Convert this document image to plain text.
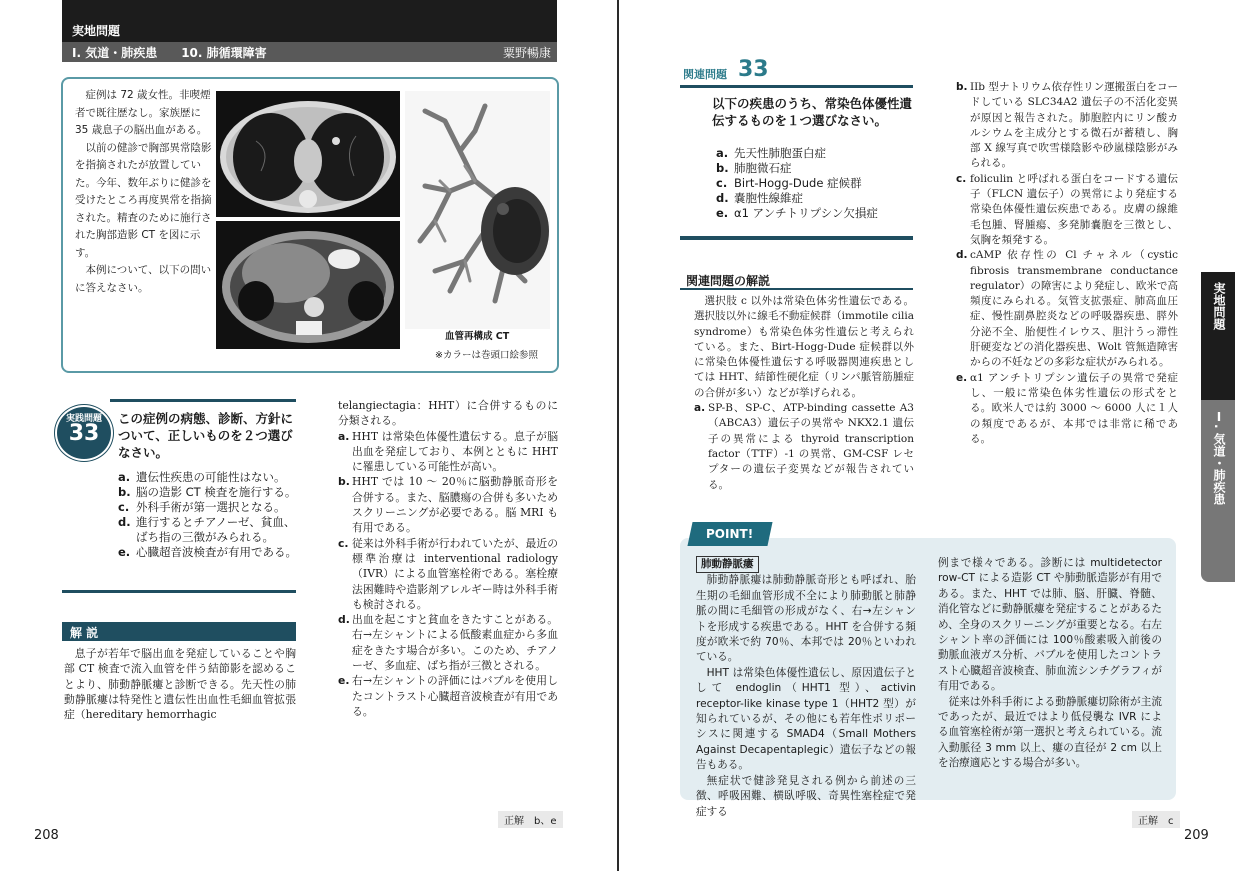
実地問題
Ⅰ. 気道・肺疾患　　10. 肺循環障害	粟野暢康

症例は 72 歳女性。非喫煙者で既往歴なし。家族歴に 35 歳息子の脳出血がある。

以前の健診で胸部異常陰影を指摘されたが放置していた。今年、数年ぶりに健診を受けたところ再度異常を指摘された。精査のために施行された胸部造影 CT を図に示す。

本例について、以下の問いに答えなさい。

血管再構成 CT
※カラーは巻頭口絵参照
実践問題
33
この症例の病態、診断、方針について、正しいものを２つ選びなさい。
a. 遺伝性疾患の可能性はない。
b. 脳の造影 CT 検査を施行する。
c. 外科手術が第一選択となる。
d. 進行するとチアノーゼ、貧血、ばち指の三徴がみられる。
e. 心臓超音波検査が有用である。
解 説

息子が若年で脳出血を発症していることや胸部 CT 検査で流入血管を伴う結節影を認めることより、肺動静脈瘻と診断できる。先天性の肺動静脈瘻は特発性と遺伝性出血性毛細血管拡張症（hereditary hemorrhagic

telangiectagia：HHT）に合併するものに分類される。

a. HHT は常染色体優性遺伝する。息子が脳出血を発症しており、本例とともに HHT に罹患している可能性が高い。
b. HHT では 10 ～ 20％に脳動静脈奇形を合併する。また、脳膿瘍の合併も多いためスクリーニングが必要である。脳 MRI も有用である。
c. 従来は外科手術が行われていたが、最近の標準治療は interventional radiology（IVR）による血管塞栓術である。塞栓療法困難時や造影剤アレルギー時は外科手術も検討される。
d. 出血を起こすと貧血をきたすことがある。右→左シャントによる低酸素血症から多血症をきたす場合が多い。このため、チアノーゼ、多血症、ばち指が三徴とされる。
e. 右→左シャントの評価にはバブルを使用したコントラスト心臓超音波検査が有用である。
正解　b、e
208
関連問題 33
以下の疾患のうち、常染色体優性遺伝するものを１つ選びなさい。
a. 先天性肺胞蛋白症
b. 肺胞微石症
c. Birt-Hogg-Dude 症候群
d. 嚢胞性線維症
e. α1 アンチトリプシン欠損症
関連問題の解説

選択肢 c 以外は常染色体劣性遺伝である。選択肢以外に線毛不動症候群（immotile cilia syndrome）も常染色体劣性遺伝と考えられている。また、Birt-Hogg-Dude 症候群以外に常染色体優性遺伝する呼吸器関連疾患としては HHT、結節性硬化症（リンパ脈管筋腫症の合併が多い）などが挙げられる。

a. SP-B、SP-C、ATP-binding cassette A3（ABCA3）遺伝子の異常や NKX2.1 遺伝子の異常による thyroid transcription factor（TTF）-1 の異常、GM-CSF レセプターの遺伝子変異などが報告されている。
b. IIb 型ナトリウム依存性リン運搬蛋白をコードしている SLC34A2 遺伝子の不活化変異が原因と報告された。肺胞腔内にリン酸カルシウムを主成分とする微石が蓄積し、胸部 X 線写真で吹雪様陰影や砂嵐様陰影がみられる。
c. foliculin と呼ばれる蛋白をコードする遺伝子（FLCN 遺伝子）の異常により発症する常染色体優性遺伝疾患である。皮膚の線維毛包腫、腎腫瘍、多発肺嚢胞を三徴とし、気胸を頻発する。
d. cAMP 依存性の Cl チャネル（cystic fibrosis transmembrane conductance regulator）の障害により発症し、欧米で高頻度にみられる。気管支拡張症、肺高血圧症、慢性副鼻腔炎などの呼吸器疾患、膵外分泌不全、胎便性イレウス、胆汁うっ滞性肝硬変などの消化器疾患、Wolt 管無造障害からの不妊などの多彩な症状がみられる。
e. α1 アンチトリプシン遺伝子の異常で発症し、一般に常染色体劣性遺伝の形式をとる。欧米人では約 3000 ～ 6000 人に１人の頻度であるが、本邦では非常に稀である。
肺動静脈瘻

肺動静脈瘻は肺動静脈奇形とも呼ばれ、胎生期の毛細血管形成不全により肺動脈と肺静脈の間に毛細管の形成がなく、右→左シャントを形成する疾患である。HHT を合併する頻度が欧米で約 70％、本邦では 20％といわれている。

HHT は常染色体優性遺伝し、原因遺伝子として endoglin（HHT1 型）、activin receptor-like kinase type 1（HHT2 型）が知られているが、その他にも若年性ポリポーシスに関連する SMAD4（Small Mothers Against Decapentaplegic）遺伝子などの報告もある。

無症状で健診発見される例から前述の三徴、呼吸困難、横臥呼吸、奇異性塞栓症で発症する

例まで様々である。診断には multidetector row-CT による造影 CT や肺動脈造影が有用である。また、HHT では肺、脳、肝臓、脊髄、消化管などに動静脈瘻を発症することがあるため、全身のスクリーニングが重要となる。右左シャント率の評価には 100％酸素吸入前後の動脈血液ガス分析、バブルを使用したコントラスト心臓超音波検査、肺血流シンチグラフィが有用である。

従来は外科手術による動静脈瘻切除術が主流であったが、最近ではより低侵襲な IVR による血管塞栓術が第一選択と考えられている。流入動脈径 3 mm 以上、瘻の直径が 2 cm 以上を治療適応とする場合が多い。

POINT!
正解　c
209
実地問題
Ⅰ. 気道・肺疾患
